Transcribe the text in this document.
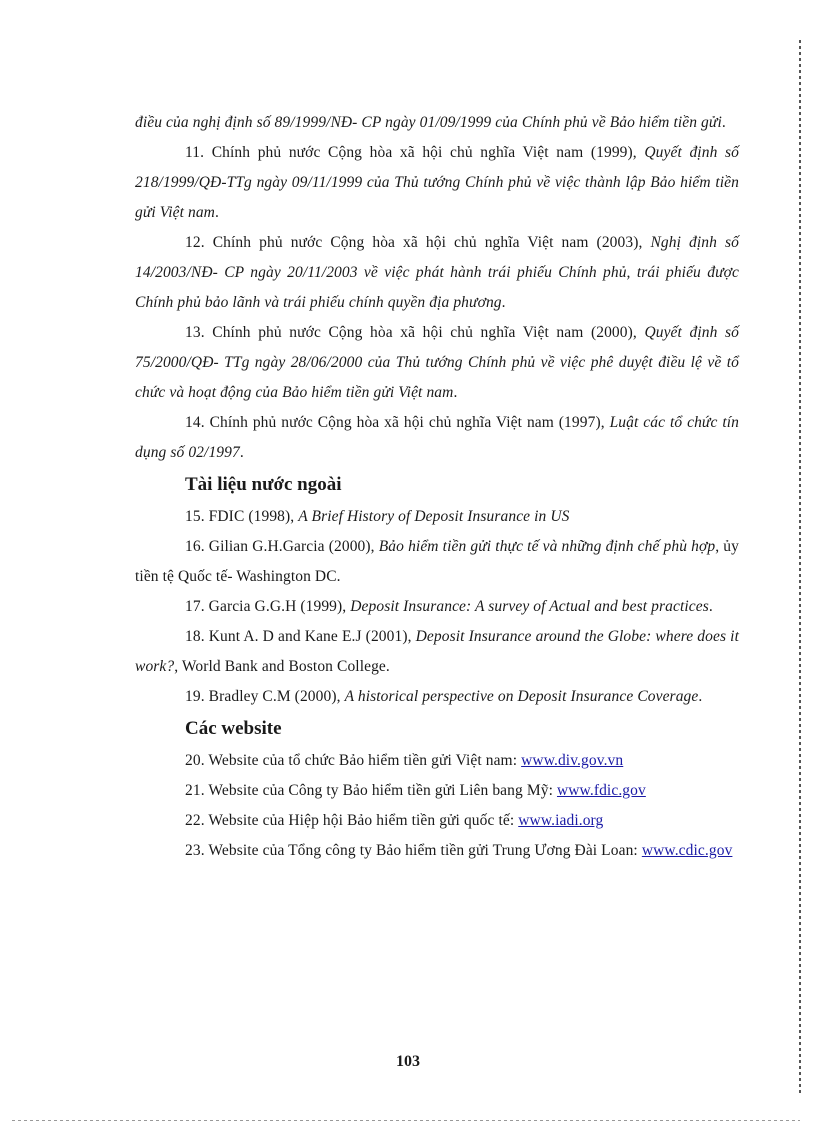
điều của nghị định số 89/1999/NĐ- CP ngày 01/09/1999 của Chính phủ về Bảo hiểm tiền gửi.

11. Chính phủ nước Cộng hòa xã hội chủ nghĩa Việt nam (1999), Quyết định số 218/1999/QĐ-TTg ngày 09/11/1999 của Thủ tướng Chính phủ về việc thành lập Bảo hiểm tiền gửi Việt nam.

12. Chính phủ nước Cộng hòa xã hội chủ nghĩa Việt nam (2003), Nghị định số 14/2003/NĐ- CP ngày 20/11/2003 về việc phát hành trái phiếu Chính phủ, trái phiếu được Chính phủ bảo lãnh và trái phiếu chính quyền địa phương.

13. Chính phủ nước Cộng hòa xã hội chủ nghĩa Việt nam (2000), Quyết định số 75/2000/QĐ- TTg ngày 28/06/2000 của Thủ tướng Chính phủ về việc phê duyệt điều lệ về tổ chức và hoạt động của Bảo hiểm tiền gửi Việt nam.

14. Chính phủ nước Cộng hòa xã hội chủ nghĩa Việt nam (1997), Luật các tổ chức tín dụng số 02/1997.

Tài liệu nước ngoài

15. FDIC (1998), A Brief History of Deposit Insurance in US

16. Gilian G.H.Garcia (2000), Bảo hiểm tiền gửi thực tế và những định chế phù hợp, ủy tiền tệ Quốc tế- Washington DC.

17. Garcia G.G.H (1999), Deposit Insurance: A survey of Actual and best practices.

18. Kunt A. D and Kane E.J (2001), Deposit Insurance around the Globe: where does it work?, World Bank and Boston College.

19. Bradley C.M (2000), A historical perspective on Deposit Insurance Coverage.

Các website

20. Website của tổ chức Bảo hiểm tiền gửi Việt nam: www.div.gov.vn

21. Website của Công ty Bảo hiểm tiền gửi Liên bang Mỹ: www.fdic.gov

22. Website của Hiệp hội Bảo hiểm tiền gửi quốc tế: www.iadi.org

23. Website của Tổng công ty Bảo hiểm tiền gửi Trung Ương Đài Loan: www.cdic.gov

103
